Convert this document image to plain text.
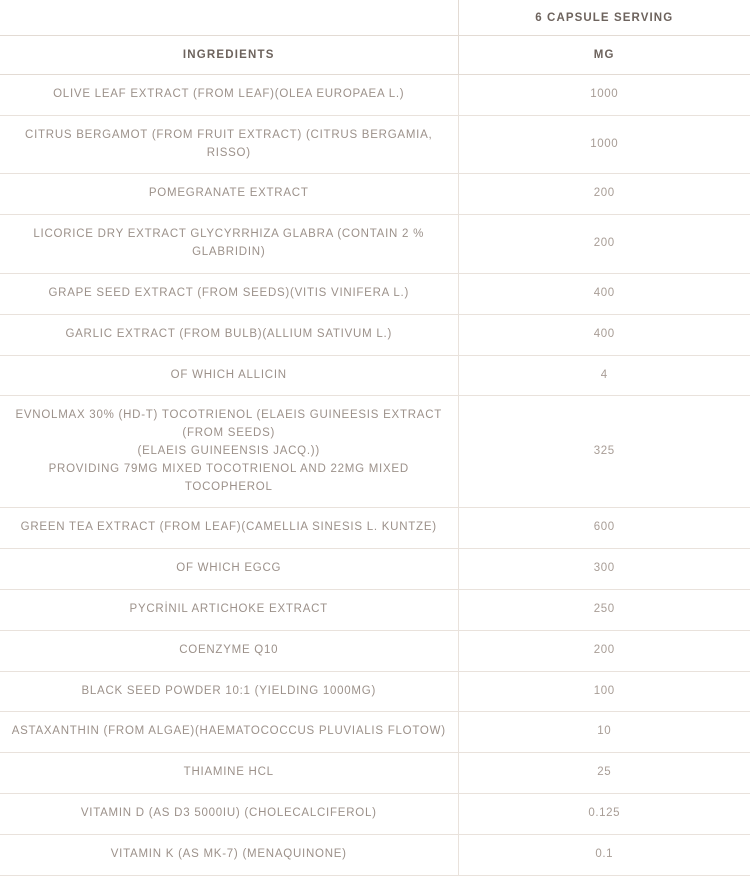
	6 CAPSULE SERVING
INGREDIENTS	MG
OLIVE LEAF EXTRACT (FROM LEAF)(OLEA EUROPAEA L.)	1000
CITRUS BERGAMOT (FROM FRUIT EXTRACT) (CITRUS BERGAMIA, RISSO)	1000
POMEGRANATE EXTRACT	200
LICORICE DRY EXTRACT GLYCYRRHIZA GLABRA (CONTAIN 2 % GLABRIDIN)	200
GRAPE SEED EXTRACT (FROM SEEDS)(VITIS VINIFERA L.)	400
GARLIC EXTRACT (FROM BULB)(ALLIUM SATIVUM L.)	400
OF WHICH ALLICIN	4

EVNOLMAX 30% (HD-T) TOCOTRIENOL (ELAEIS GUINEESIS EXTRACT (FROM SEEDS)
(ELAEIS GUINEENSIS JACQ.))
PROVIDING 79MG MIXED TOCOTRIENOL AND 22MG MIXED TOCOPHEROL	325
GREEN TEA EXTRACT (FROM LEAF)(CAMELLIA SINESIS L. KUNTZE)	600
OF WHICH EGCG	300
PYCRİNIL ARTICHOKE EXTRACT	250
COENZYME Q10	200
BLACK SEED POWDER 10:1 (YIELDING 1000MG)	100
ASTAXANTHIN (FROM ALGAE)(HAEMATOCOCCUS PLUVIALIS FLOTOW)	10
THIAMINE HCL	25
VITAMIN D (AS D3 5000IU) (CHOLECALCIFEROL)	0.125
VITAMIN K (AS MK-7) (MENAQUINONE)	0.1
